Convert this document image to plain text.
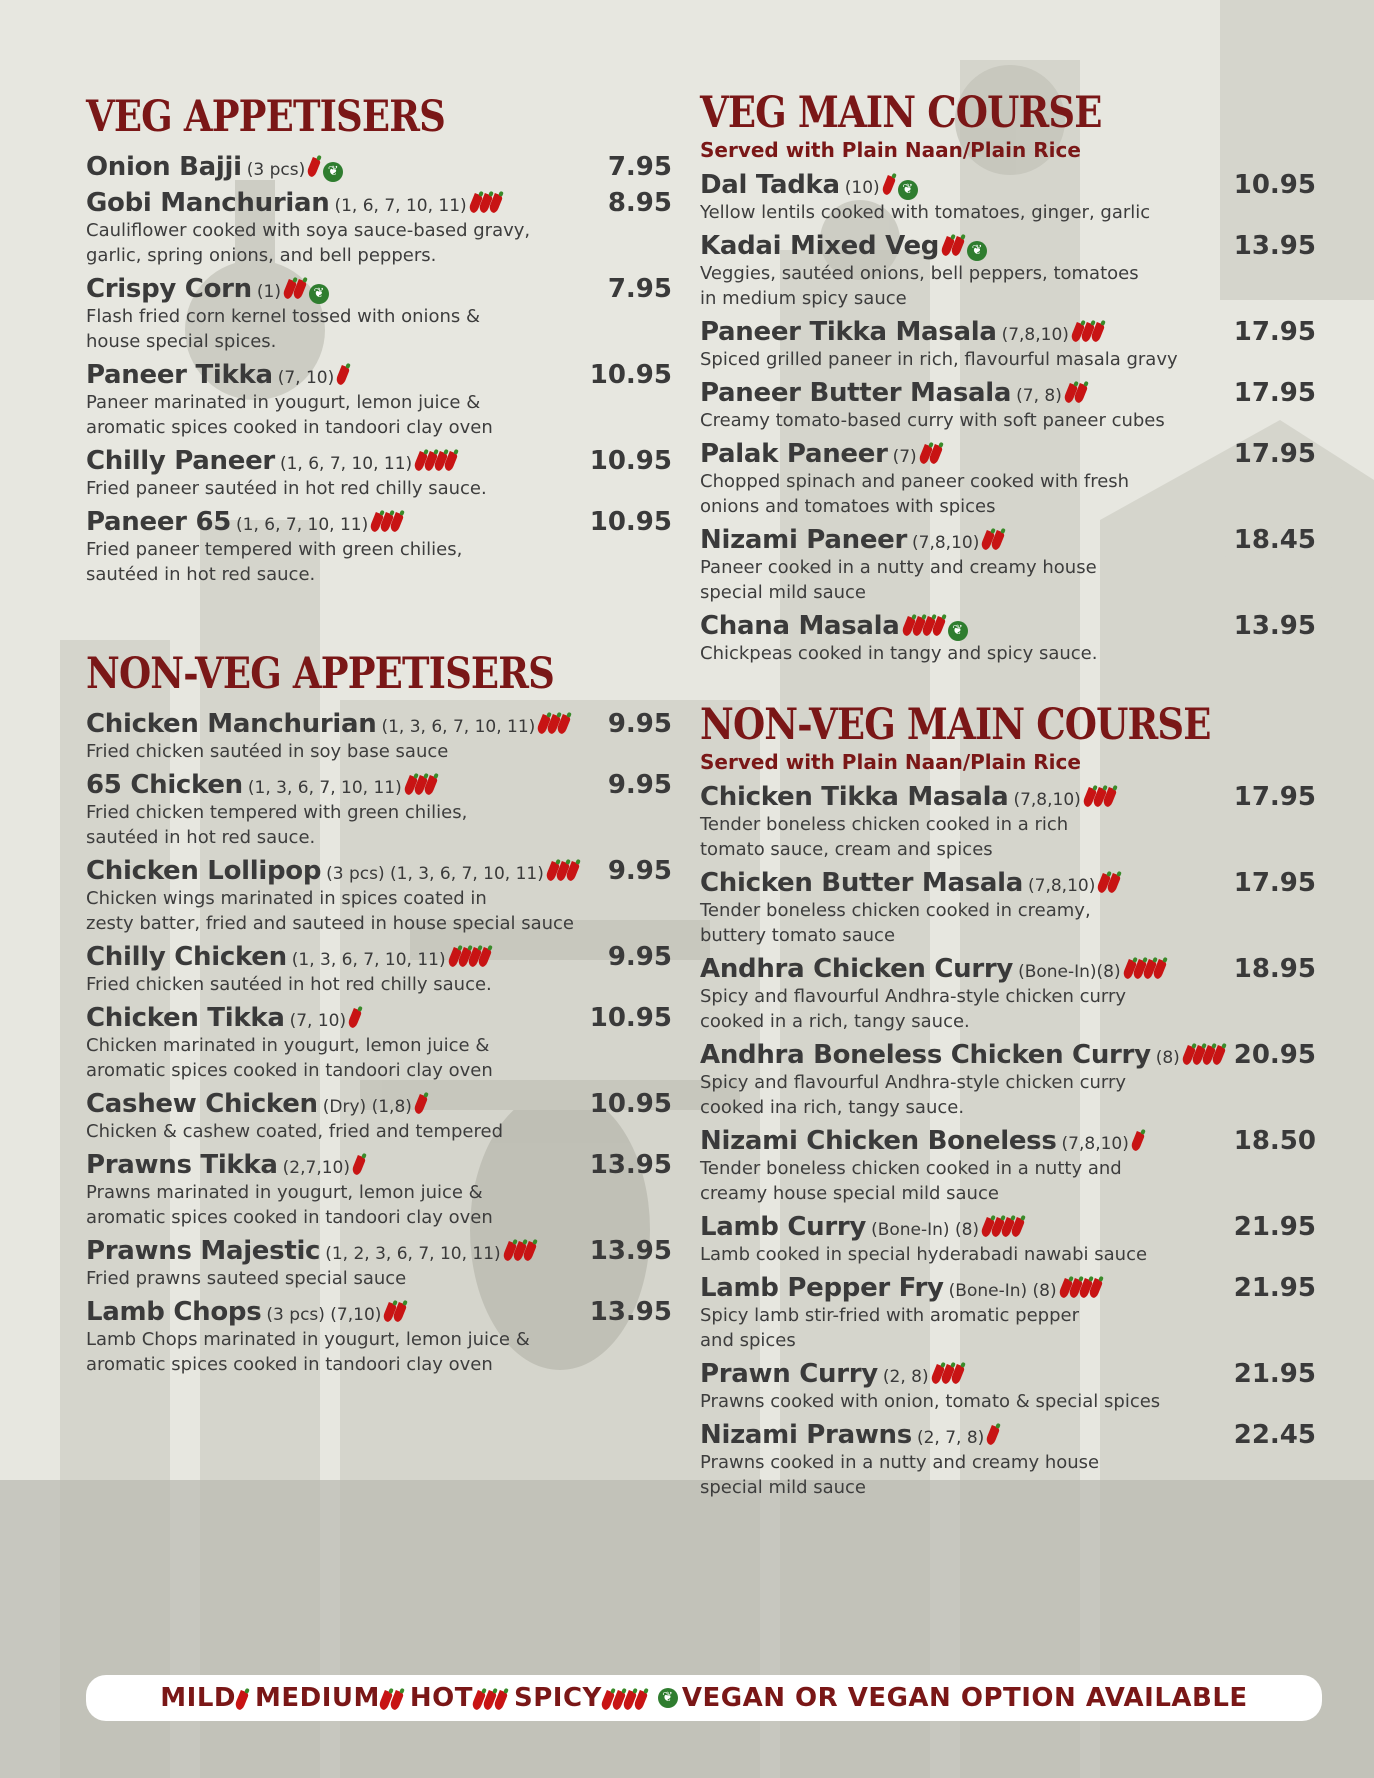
VEG APPETISERS
Onion Bajji (3 pcs)	❦	7.95
Gobi Manchurian (1, 6, 7, 10, 11)	8.95
Cauliflower cooked with soya sauce-based gravy,
garlic, spring onions, and bell peppers.
Crispy Corn (1)	❦	7.95
Flash fried corn kernel tossed with onions &
house special spices.
Paneer Tikka (7, 10)	10.95
Paneer marinated in yougurt, lemon juice &
aromatic spices cooked in tandoori clay oven
Chilly Paneer (1, 6, 7, 10, 11)	10.95
Fried paneer sautéed in hot red chilly sauce.
Paneer 65 (1, 6, 7, 10, 11)	10.95
Fried paneer tempered with green chilies,
sautéed in hot red sauce.
NON-VEG APPETISERS
Chicken Manchurian (1, 3, 6, 7, 10, 11)	9.95
Fried chicken sautéed in soy base sauce
65 Chicken (1, 3, 6, 7, 10, 11)	9.95
Fried chicken tempered with green chilies,
sautéed in hot red sauce.
Chicken Lollipop (3 pcs) (1, 3, 6, 7, 10, 11) 9.95
Chicken wings marinated in spices coated in
zesty batter, fried and sauteed in house special sauce
Chilly Chicken (1, 3, 6, 7, 10, 11)	9.95
Fried chicken sautéed in hot red chilly sauce.
Chicken Tikka (7, 10)	10.95
Chicken marinated in yougurt, lemon juice &
aromatic spices cooked in tandoori clay oven
Cashew Chicken (Dry) (1,8)	10.95
Chicken & cashew coated, fried and tempered
Prawns Tikka (2,7,10)	13.95
Prawns marinated in yougurt, lemon juice &
aromatic spices cooked in tandoori clay oven
Prawns Majestic (1, 2, 3, 6, 7, 10, 11)	13.95
Fried prawns sauteed special sauce
Lamb Chops (3 pcs) (7,10)	13.95
Lamb Chops marinated in yougurt, lemon juice &
aromatic spices cooked in tandoori clay oven
VEG MAIN COURSE
Served with Plain Naan/Plain Rice
Dal Tadka (10)	❦	10.95
Yellow lentils cooked with tomatoes, ginger, garlic
Kadai Mixed Veg	❦	13.95
Veggies, sautéed onions, bell peppers, tomatoes
in medium spicy sauce
Paneer Tikka Masala (7,8,10)	17.95
Spiced grilled paneer in rich, flavourful masala gravy
Paneer Butter Masala (7, 8)	17.95
Creamy tomato-based curry with soft paneer cubes
Palak Paneer (7)	17.95
Chopped spinach and paneer cooked with fresh
onions and tomatoes with spices
Nizami Paneer (7,8,10)	18.45
Paneer cooked in a nutty and creamy house
special mild sauce
Chana Masala	❦	13.95
Chickpeas cooked in tangy and spicy sauce.
NON-VEG MAIN COURSE
Served with Plain Naan/Plain Rice
Chicken Tikka Masala (7,8,10)	17.95
Tender boneless chicken cooked in a rich
tomato sauce, cream and spices
Chicken Butter Masala (7,8,10)	17.95
Tender boneless chicken cooked in creamy,
buttery tomato sauce
Andhra Chicken Curry (Bone-In)(8)	18.95
Spicy and flavourful Andhra-style chicken curry
cooked in a rich, tangy sauce.
Andhra Boneless Chicken Curry (8) 20.95
Spicy and flavourful Andhra-style chicken curry
cooked ina rich, tangy sauce.
Nizami Chicken Boneless (7,8,10)	18.50
Tender boneless chicken cooked in a nutty and
creamy house special mild sauce
Lamb Curry (Bone-In) (8)	21.95
Lamb cooked in special hyderabadi nawabi sauce
Lamb Pepper Fry (Bone-In) (8)	21.95
Spicy lamb stir-fried with aromatic pepper
and spices
Prawn Curry (2, 8)	21.95
Prawns cooked with onion, tomato & special spices
Nizami Prawns (2, 7, 8)	22.45
Prawns cooked in a nutty and creamy house
special mild sauce
MILD MEDIUM HOT SPICY	❦ VEGAN OR VEGAN OPTION AVAILABLE
